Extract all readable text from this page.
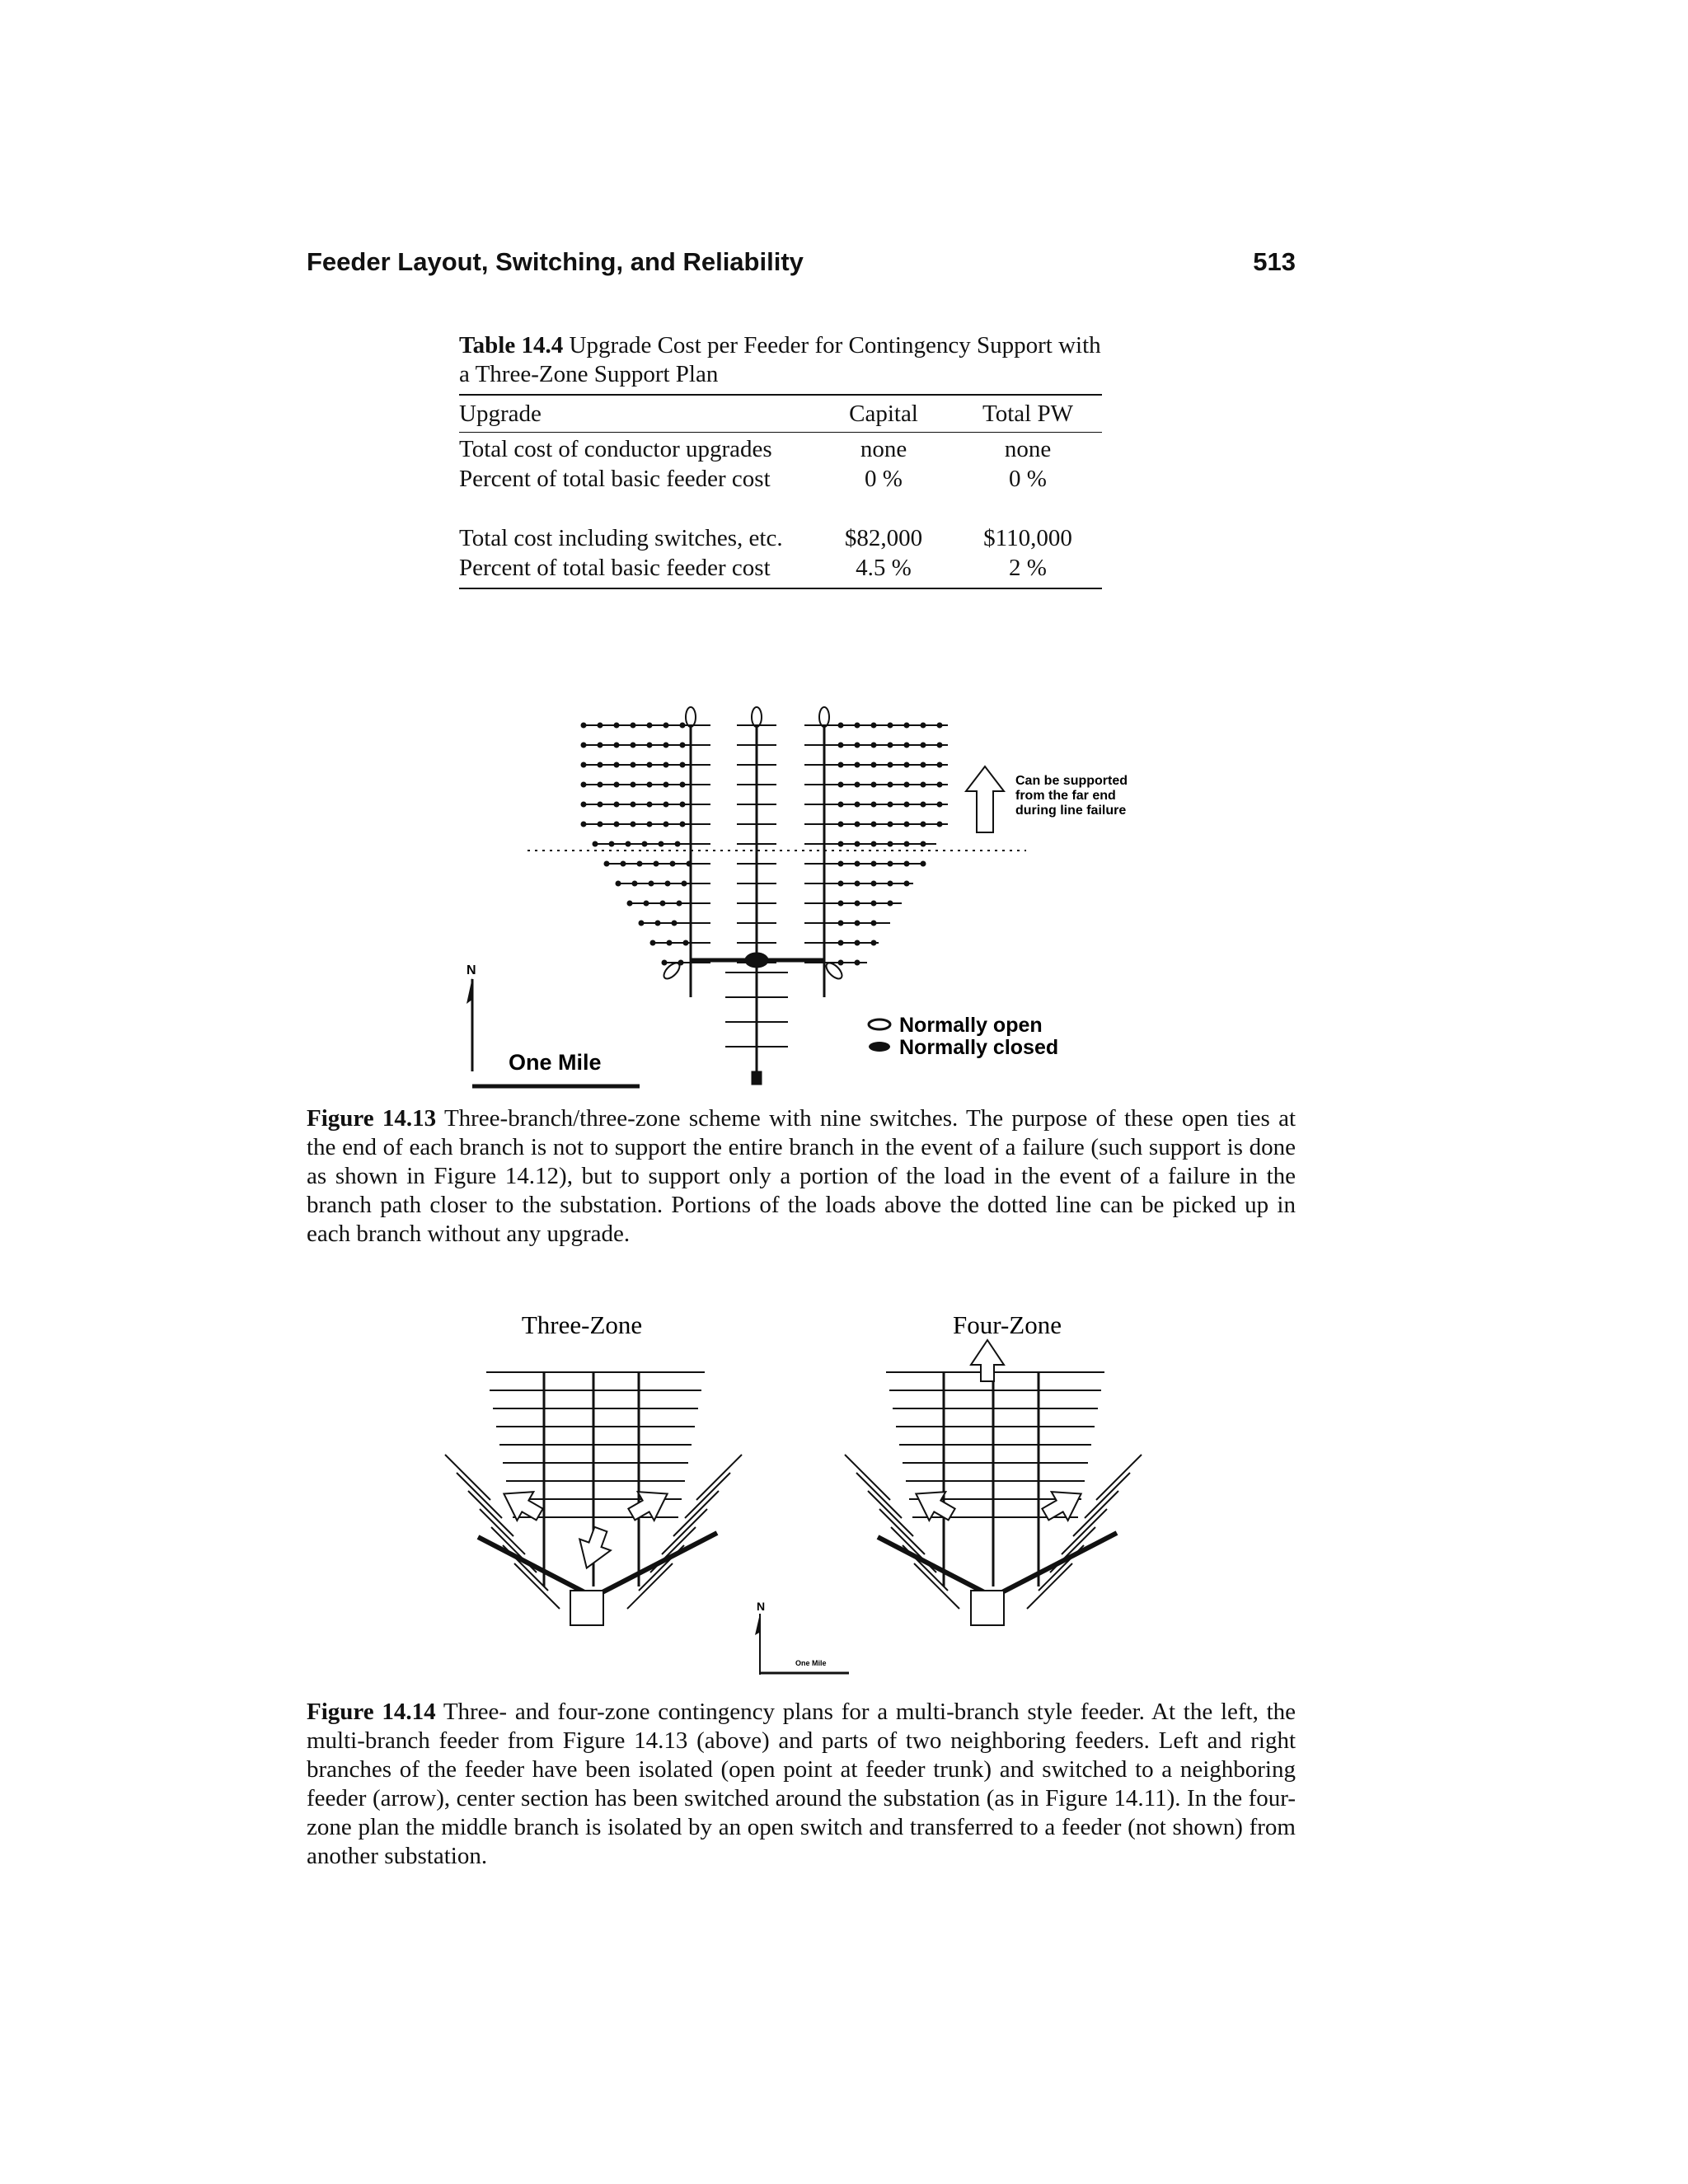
Feeder Layout, Switching, and Reliability	513
Table 14.4 Upgrade Cost per Feeder for Contingency Support with a Three-Zone Support Plan
Upgrade	Capital	Total PW
Total cost of conductor upgrades	none	none
Percent of total basic feeder cost	0 %	0 %
Total cost including switches, etc.	$82,000	$110,000
Percent of total basic feeder cost	4.5 %	2 %
Can be supported
from the far end
during line failure
Normally open
Normally closed
N
One Mile
Three-Zone	Four-Zone
N
One Mile
Figure 14.13 Three-branch/three-zone scheme with nine switches. The purpose of these open ties at the end of each branch is not to support the entire branch in the event of a failure (such support is done as shown in Figure 14.12), but to support only a portion of the load in the event of a failure in the branch path closer to the substation. Portions of the loads above the dotted line can be picked up in each branch without any upgrade.
Figure 14.14 Three- and four-zone contingency plans for a multi-branch style feeder. At the left, the multi-branch feeder from Figure 14.13 (above) and parts of two neighboring feeders. Left and right branches of the feeder have been isolated (open point at feeder trunk) and switched to a neighboring feeder (arrow), center section has been switched around the substation (as in Figure 14.11). In the four-zone plan the middle branch is isolated by an open switch and transferred to a feeder (not shown) from another substation.
